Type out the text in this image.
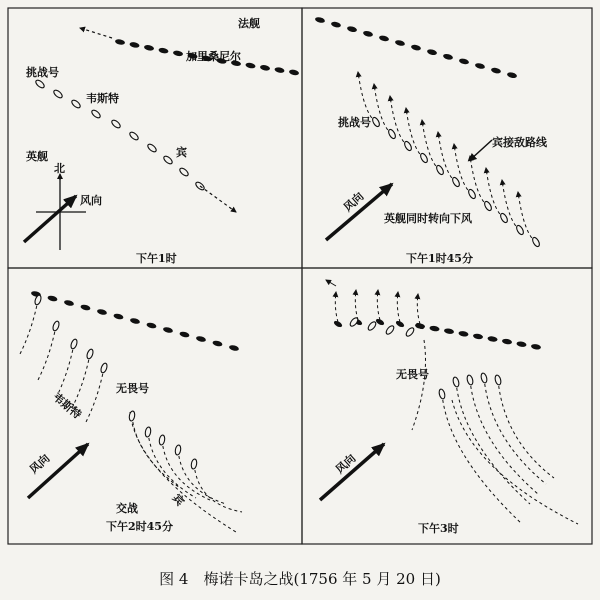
法舰
加里桑尼尔
挑战号
韦斯特
宾
英舰
北
风向
下午1时
挑战号
宾接敌路线
风向
英舰同时转向下风
下午1时45分
无畏号
韦斯特
宾
风向
交战
下午2时45分
无畏号
风向
下午3时
图 4　梅诺卡岛之战(1756 年 5 月 20 日)
